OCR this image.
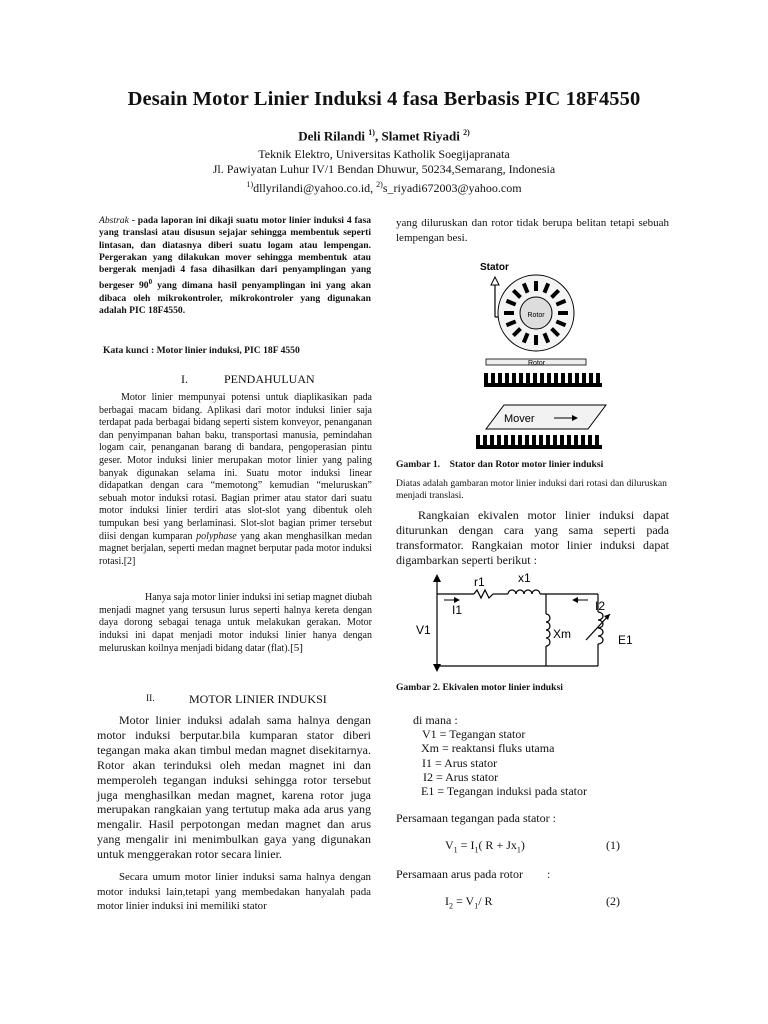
Desain Motor Linier Induksi 4 fasa Berbasis PIC 18F4550
Deli Rilandi $^{1)}$, Slamet Riyadi $^{2)}$
Teknik Elektro, Universitas Katholik Soegijapranata
Jl. Pawiyatan Luhur IV/1 Bendan Dhuwur, 50234,Semarang, Indonesia
$^{1)}$dllyrilandi@yahoo.co.id, $^{2)}$s_riyadi672003@yahoo.com
Abstrak - pada laporan ini dikaji suatu motor linier induksi 4 fasa yang translasi atau disusun sejajar sehingga membentuk seperti lintasan, dan diatasnya diberi suatu logam atau lempengan. Pergerakan yang dilakukan mover sehingga membentuk atau bergerak menjadi 4 fasa dihasilkan dari penyamplingan yang bergeser $90^0$ yang dimana hasil penyamplingan ini yang akan dibaca oleh mikrokontroler, mikrokontroler yang digunakan adalah PIC 18F4550.
Kata kunci : Motor linier induksi, PIC 18F 4550
I.	PENDAHULUAN
Motor linier mempunyai potensi untuk diaplikasikan pada berbagai macam bidang. Aplikasi dari motor induksi linier saja terdapat pada berbagai bidang seperti sistem konveyor, penanganan dan penyimpanan bahan baku, transportasi manusia, pemindahan logam cair, penanganan barang di bandara, pengoperasian pintu geser. Motor induksi linier merupakan motor linier yang paling banyak digunakan selama ini. Suatu motor induksi linear didapatkan dengan cara “memotong” kemudian “meluruskan” sebuah motor induksi rotasi. Bagian primer atau stator dari suatu motor induksi linier terdiri atas slot-slot yang dibentuk oleh tumpukan besi yang berlaminasi. Slot-slot bagian primer tersebut diisi dengan kumparan polyphase yang akan menghasilkan medan magnet berjalan, seperti medan magnet berputar pada motor induksi rotasi.[2]
Hanya saja motor linier induksi ini setiap magnet diubah menjadi magnet yang tersusun lurus seperti halnya kereta dengan daya dorong sebagai tenaga untuk melakukan gerakan. Motor induksi ini dapat menjadi motor induksi linier hanya dengan meluruskan koilnya menjadi bidang datar (flat).[5]
II.	MOTOR LINIER INDUKSI
Motor linier induksi adalah sama halnya dengan motor induksi berputar.bila kumparan stator diberi tegangan maka akan timbul medan magnet disekitarnya. Rotor akan terinduksi oleh medan magnet ini dan memperoleh tegangan induksi sehingga rotor tersebut juga menghasilkan medan magnet, karena rotor juga merupakan rangkaian yang tertutup maka ada arus yang mengalir. Hasil perpotongan medan magnet dan arus yang mengalir ini menimbulkan gaya yang digunakan untuk menggerakan rotor secara linier.
Secara umum motor linier induksi sama halnya dengan motor induksi lain,tetapi yang membedakan hanyalah pada motor linier induksi ini memiliki stator
yang diluruskan dan rotor tidak berupa belitan tetapi sebuah lempengan besi.
Stator
Rotor
Rotor
Mover
Gambar 1. Stator dan Rotor motor linier induksi
Diatas adalah gambaran motor linier induksi dari rotasi dan diluruskan menjadi translasi.
Rangkaian ekivalen motor linier induksi dapat diturunkan dengan cara yang sama seperti pada transformator. Rangkaian motor linier induksi dapat digambarkan seperti berikut :
r1	x1
I1	I2
V1	Xm	E1
Gambar 2. Ekivalen motor linier induksi
di mana :
V1 = Tegangan stator
Xm = reaktansi fluks utama
I1 = Arus stator
I2 = Arus stator
E1 = Tegangan induksi pada stator
Persamaan tegangan pada stator :
$V_1 = I_1$( $R + Jx_1$)	(1)
Persamaan arus pada rotor :
$I_2 = V_1/$ R	(2)
